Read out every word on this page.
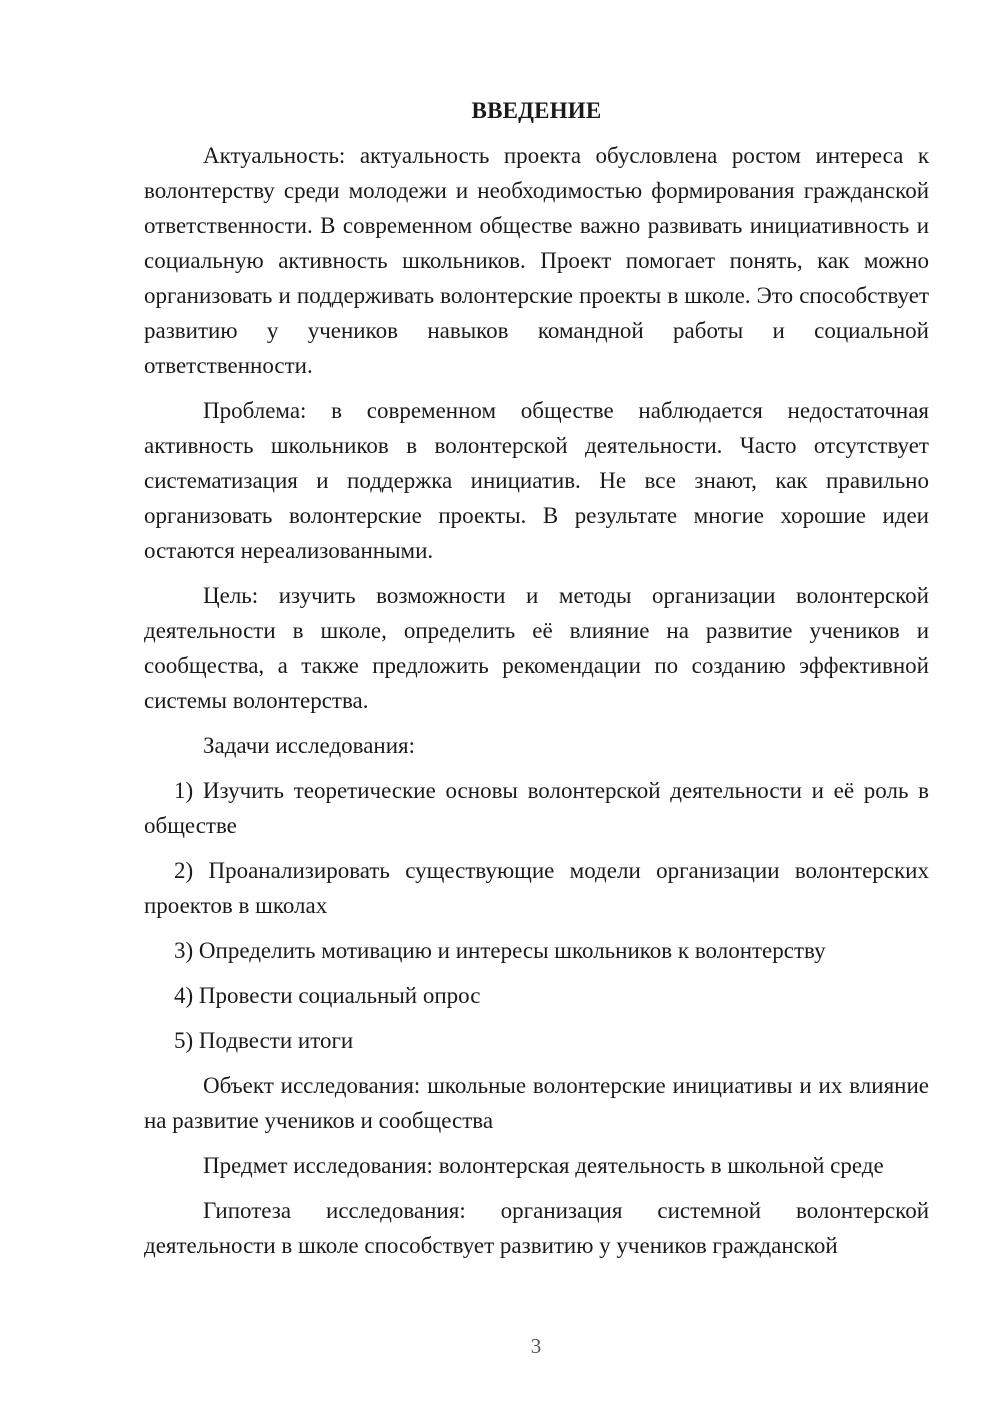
ВВЕДЕНИЕ

Актуальность: актуальность проекта обусловлена ростом интереса к волонтерству среди молодежи и необходимостью формирования гражданской ответственности. В современном обществе важно развивать инициативность и социальную активность школьников. Проект помогает понять, как можно организовать и поддерживать волонтерские проекты в школе. Это способствует развитию у учеников навыков командной работы и социальной ответственности.

Проблема: в современном обществе наблюдается недостаточная активность школьников в волонтерской деятельности. Часто отсутствует систематизация и поддержка инициатив. Не все знают, как правильно организовать волонтерские проекты. В результате многие хорошие идеи остаются нереализованными.

Цель: изучить возможности и методы организации волонтерской деятельности в школе, определить её влияние на развитие учеников и сообщества, а также предложить рекомендации по созданию эффективной системы волонтерства.

Задачи исследования:

1) Изучить теоретические основы волонтерской деятельности и её роль в обществе

2) Проанализировать существующие модели организации волонтерских проектов в школах

3) Определить мотивацию и интересы школьников к волонтерству

4) Провести социальный опрос

5) Подвести итоги

Объект исследования: школьные волонтерские инициативы и их влияние на развитие учеников и сообщества

Предмет исследования: волонтерская деятельность в школьной среде

Гипотеза исследования: организация системной волонтерской деятельности в школе способствует развитию у учеников гражданской

3
